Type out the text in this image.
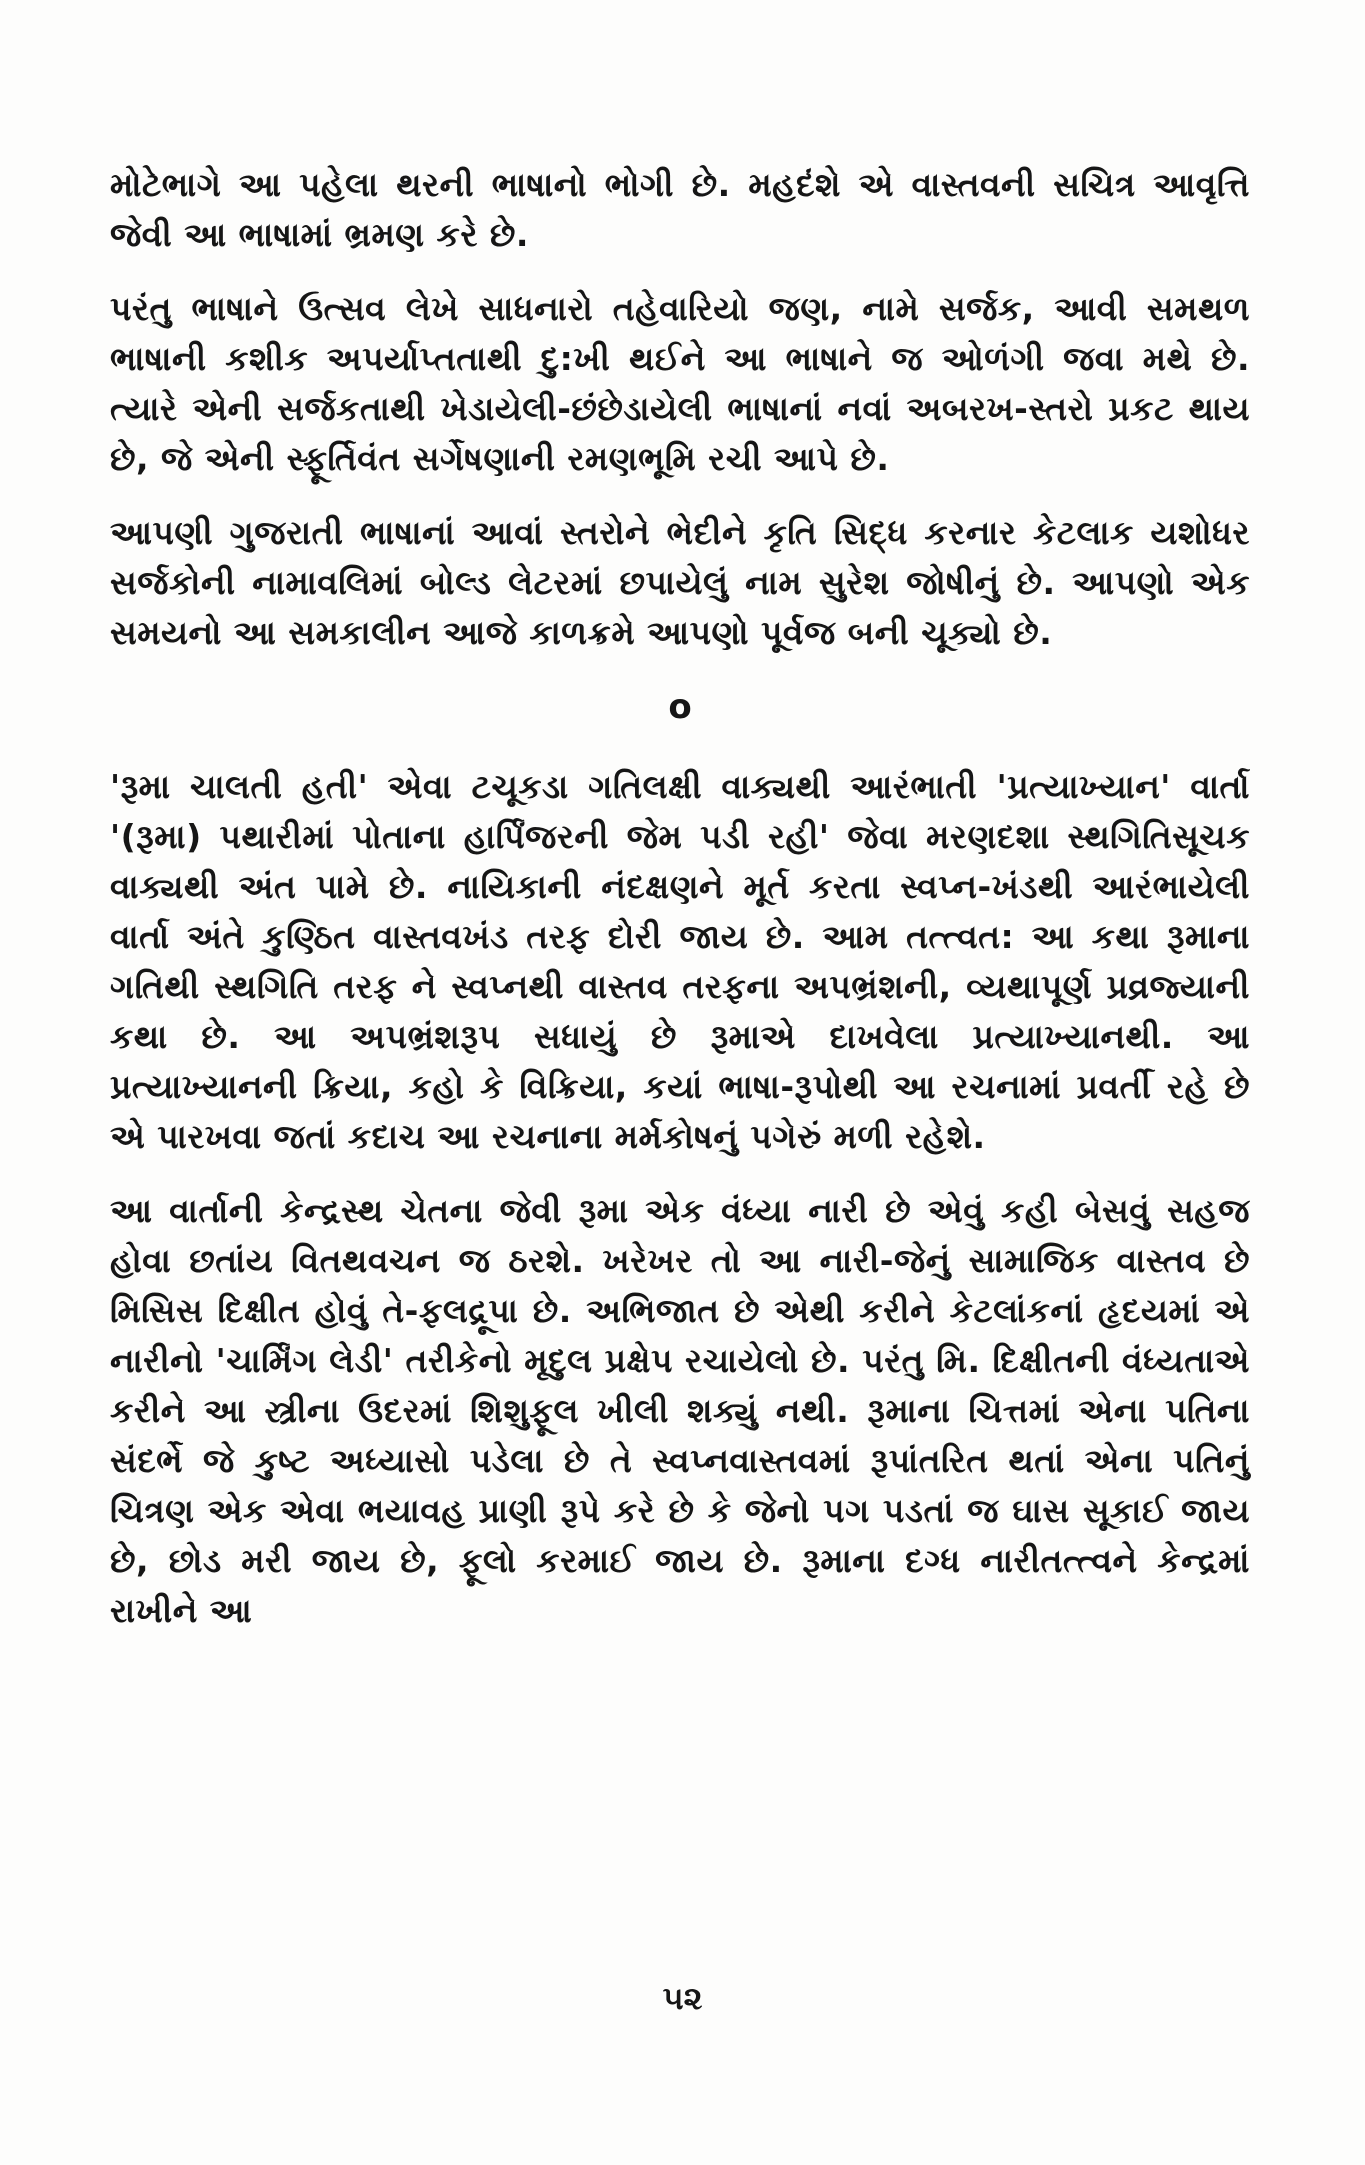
મોટેભાગે આ પહેલા થરની ભાષાનો ભોગી છે. મહદંશે એ વાસ્તવની સચિત્ર આવૃત્તિ જેવી આ ભાષામાં ભ્રમણ કરે છે.

પરંતુ ભાષાને ઉત્સવ લેખે સાધનારો તહેવારિયો જણ, નામે સર્જક, આવી સમથળ ભાષાની કશીક અપર્યાપ્તતાથી દુ:ખી થઈને આ ભાષાને જ ઓળંગી જવા મથે છે. ત્યારે એની સર્જકતાથી ખેડાયેલી-છંછેડાયેલી ભાષાનાં નવાં અબરખ-સ્તરો પ્રકટ થાય છે, જે એની સ્ફૂર્તિવંત સર્ગેષણાની રમણભૂમિ રચી આપે છે.

આપણી ગુજરાતી ભાષાનાં આવાં સ્તરોને ભેદીને કૃતિ સિદ્ધ કરનાર કેટલાક યશોધર સર્જકોની નામાવલિમાં બોલ્ડ લેટરમાં છપાયેલું નામ સુરેશ જોષીનું છે. આપણો એક સમયનો આ સમકાલીન આજે કાળક્રમે આપણો પૂર્વજ બની ચૂક્યો છે.

o

'રૂમા ચાલતી હતી' એવા ટચૂકડા ગતિલક્ષી વાક્યથી આરંભાતી 'પ્રત્યાખ્યાન' વાર્તા '(રૂમા) પથારીમાં પોતાના હાર્પિંજરની જેમ પડી રહી' જેવા મરણદશા સ્થગિતિસૂચક વાક્યથી અંત પામે છે. નાયિકાની નંદક્ષણને મૂર્ત કરતા સ્વપ્ન-ખંડથી આરંભાયેલી વાર્તા અંતે કુણ્ઠિત વાસ્તવખંડ તરફ દોરી જાય છે. આમ તત્ત્વત: આ કથા રૂમાના ગતિથી સ્થગિતિ તરફ ને સ્વપ્નથી વાસ્તવ તરફના અપભ્રંશની, વ્યથાપૂર્ણ પ્રવ્રજ્યાની કથા છે. આ અપભ્રંશરૂપ સધાયું છે રૂમાએ દાખવેલા પ્રત્યાખ્યાનથી. આ પ્રત્યાખ્યાનની ક્રિયા, કહો કે વિક્રિયા, કયાં ભાષા-રૂપોથી આ રચનામાં પ્રવર્તી રહે છે એ પારખવા જતાં કદાચ આ રચનાના મર્મકોષનું પગેરું મળી રહેશે.

આ વાર્તાની કેન્દ્રસ્થ ચેતના જેવી રૂમા એક વંધ્યા નારી છે એવું કહી બેસવું સહજ હોવા છતાંય વિતથવચન જ ઠરશે. ખરેખર તો આ નારી-જેનું સામાજિક વાસ્તવ છે મિસિસ દિક્ષીત હોવું તે-ફલદ્રૂપા છે. અભિજાત છે એથી કરીને કેટલાંકનાં હૃદયમાં એ નારીનો 'ચાર્મિંગ લેડી' તરીકેનો મૃદુલ પ્રક્ષેપ રચાયેલો છે. પરંતુ મિ. દિક્ષીતની વંધ્યતાએ કરીને આ સ્ત્રીના ઉદરમાં શિશુફૂલ ખીલી શક્યું નથી. રૂમાના ચિત્તમાં એના પતિના સંદર્ભે જે કુષ્ટ અધ્યાસો પડેલા છે તે સ્વપ્નવાસ્તવમાં રૂપાંતરિત થતાં એના પતિનું ચિત્રણ એક એવા ભયાવહ પ્રાણી રૂપે કરે છે કે જેનો પગ પડતાં જ ઘાસ સૂકાઈ જાય છે, છોડ મરી જાય છે, ફૂલો કરમાઈ જાય છે. રૂમાના દગ્ધ નારીતત્ત્વને કેન્દ્રમાં રાખીને આ

૫૨
